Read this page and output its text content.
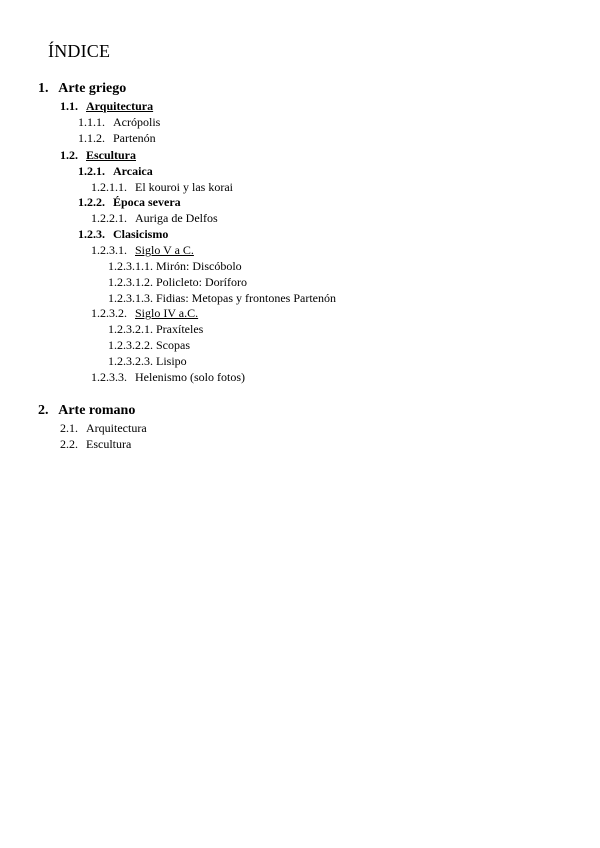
ÍNDICE
1. Arte griego
1.1. Arquitectura
1.1.1. Acrópolis
1.1.2. Partenón
1.2. Escultura
1.2.1. Arcaica
1.2.1.1. El kouroi y las korai
1.2.2. Época severa
1.2.2.1. Auriga de Delfos
1.2.3. Clasicismo
1.2.3.1. Siglo V a C.
1.2.3.1.1. Mirón: Discóbolo
1.2.3.1.2. Policleto: Doríforo
1.2.3.1.3. Fidias: Metopas y frontones Partenón
1.2.3.2. Siglo IV a.C.
1.2.3.2.1. Praxíteles
1.2.3.2.2. Scopas
1.2.3.2.3. Lisipo
1.2.3.3. Helenismo (solo fotos)
2. Arte romano
2.1. Arquitectura
2.2. Escultura
